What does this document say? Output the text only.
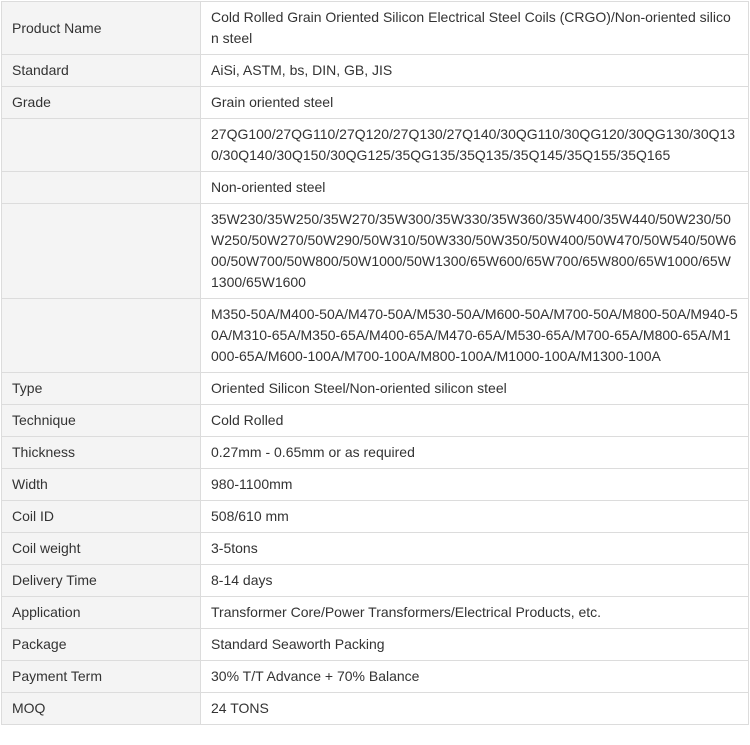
Product Name	Cold Rolled Grain Oriented Silicon Electrical Steel Coils (CRGO)/Non-oriented silicon steel
Standard	AiSi, ASTM, bs, DIN, GB, JIS
Grade	Grain oriented steel
	27QG100/27QG110/27Q120/27Q130/27Q140/30QG110/30QG120/30QG130/30Q130/30Q140/30Q150/30QG125/35QG135/35Q135/35Q145/35Q155/35Q165
	Non-oriented steel
	35W230/35W250/35W270/35W300/35W330/35W360/35W400/35W440/50W230/50W250/50W270/50W290/50W310/50W330/50W350/50W400/50W470/50W540/50W600/50W700/50W800/50W1000/50W1300/65W600/65W700/65W800/65W1000/65W1300/65W1600
	M350-50A/M400-50A/M470-50A/M530-50A/M600-50A/M700-50A/M800-50A/M940-50A/M310-65A/M350-65A/M400-65A/M470-65A/M530-65A/M700-65A/M800-65A/M1000-65A/M600-100A/M700-100A/M800-100A/M1000-100A/M1300-100A
Type	Oriented Silicon Steel/Non-oriented silicon steel
Technique	Cold Rolled
Thickness	0.27mm - 0.65mm or as required
Width	980-1100mm
Coil ID	508/610 mm
Coil weight	3-5tons
Delivery Time	8-14 days
Application	Transformer Core/Power Transformers/Electrical Products, etc.
Package	Standard Seaworth Packing
Payment Term	30% T/T Advance + 70% Balance
MOQ	24 TONS
